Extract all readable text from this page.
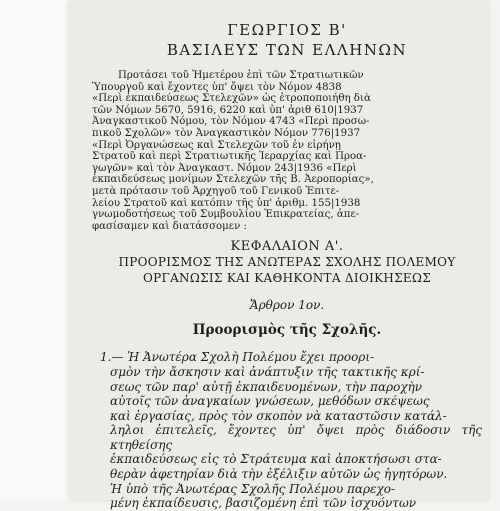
ΓΕΩΡΓΙΟΣ Β'
ΒΑΣΙΛΕΥΣ ΤΩΝ ΕΛΛΗΝΩΝ
Προτάσει τοῦ Ἡμετέρου ἐπὶ τῶν Στρατιωτικῶν
Ὑπουργοῦ καὶ ἔχοντες ὑπ' ὄψει τὸν Νόμον 4838
«Περὶ ἐκπαιδεύσεως Στελεχῶν» ὡς ἐτροποποιήθη διὰ
τῶν Νόμων 5670, 5916, 6220 καὶ ὑπ' ἀριθ 610|1937
Ἀναγκαστικοῦ Νόμου, τὸν Νόμον 4743 «Περὶ προσω-
πικοῦ Σχολῶν» τὸν Ἀναγκαστικὸν Νόμον 776|1937
«Περὶ Ὀργανώσεως καὶ Στελεχῶν τοῦ ἐν εἰρήνῃ
Στρατοῦ καὶ περὶ Στρατιωτικῆς Ἱεραρχίας καὶ Προα-
γωγῶν» καὶ τὸν Ἀναγκαστ. Νόμον 243|1936 «Περὶ
ἐκπαιδεύσεως μονίμων Στελεχῶν τῆς Β. Ἀεροπορίας»,
μετὰ πρότασιν τοῦ Ἀρχηγοῦ τοῦ Γενικοῦ Ἐπιτε-
λείου Στρατοῦ καὶ κατόπιν τῆς ὑπ' ἀριθμ. 155|1938
γνωμοδοτήσεως τοῦ Συμβουλίου Ἐπικρατείας, ἀπε-
φασίσαμεν καὶ διατάσσομεν :
ΚΕΦΑΛΑΙΟΝ Α'.
ΠΡΟΟΡΙΣΜΟΣ ΤΗΣ ΑΝΩΤΕΡΑΣ ΣΧΟΛΗΣ ΠΟΛΕΜΟΥ
ΟΡΓΑΝΩΣΙΣ ΚΑΙ ΚΑΘΗΚΟΝΤΑ ΔΙΟΙΚΗΣΕΩΣ
Ἄρθρον 1ον.
Προορισμὸς τῆς Σχολῆς.
1.— Ἡ Ἀνωτέρα Σχολὴ Πολέμου ἔχει προορι-
σμὸν τὴν ἄσκησιν καὶ ἀνάπτυξιν τῆς τακτικῆς κρί-
σεως τῶν παρ' αὐτῇ ἐκπαιδευομένων, τὴν παροχὴν
αὐτοῖς τῶν ἀναγκαίων γνώσεων, μεθόδων σκέψεως
καὶ ἐργασίας, πρὸς τὸν σκοπὸν νὰ καταστῶσιν κατάλ-
ληλοι ἐπιτελεῖς, ἔχοντες ὑπ' ὄψει πρὸς διάδοσιν τῆς κτηθείσης
ἐκπαιδεύσεως εἰς τὸ Στράτευμα καὶ ἀποκτήσωσι στα-
θερὰν ἀφετηρίαν διὰ τὴν ἐξέλιξιν αὐτῶν ὡς ἡγητόρων.
Ἡ ὑπὸ τῆς Ἀνωτέρας Σχολῆς Πολέμου παρεχο-
μένη ἐκπαίδευσις, βασιζομένη ἐπὶ τῶν ἰσχυόντων
